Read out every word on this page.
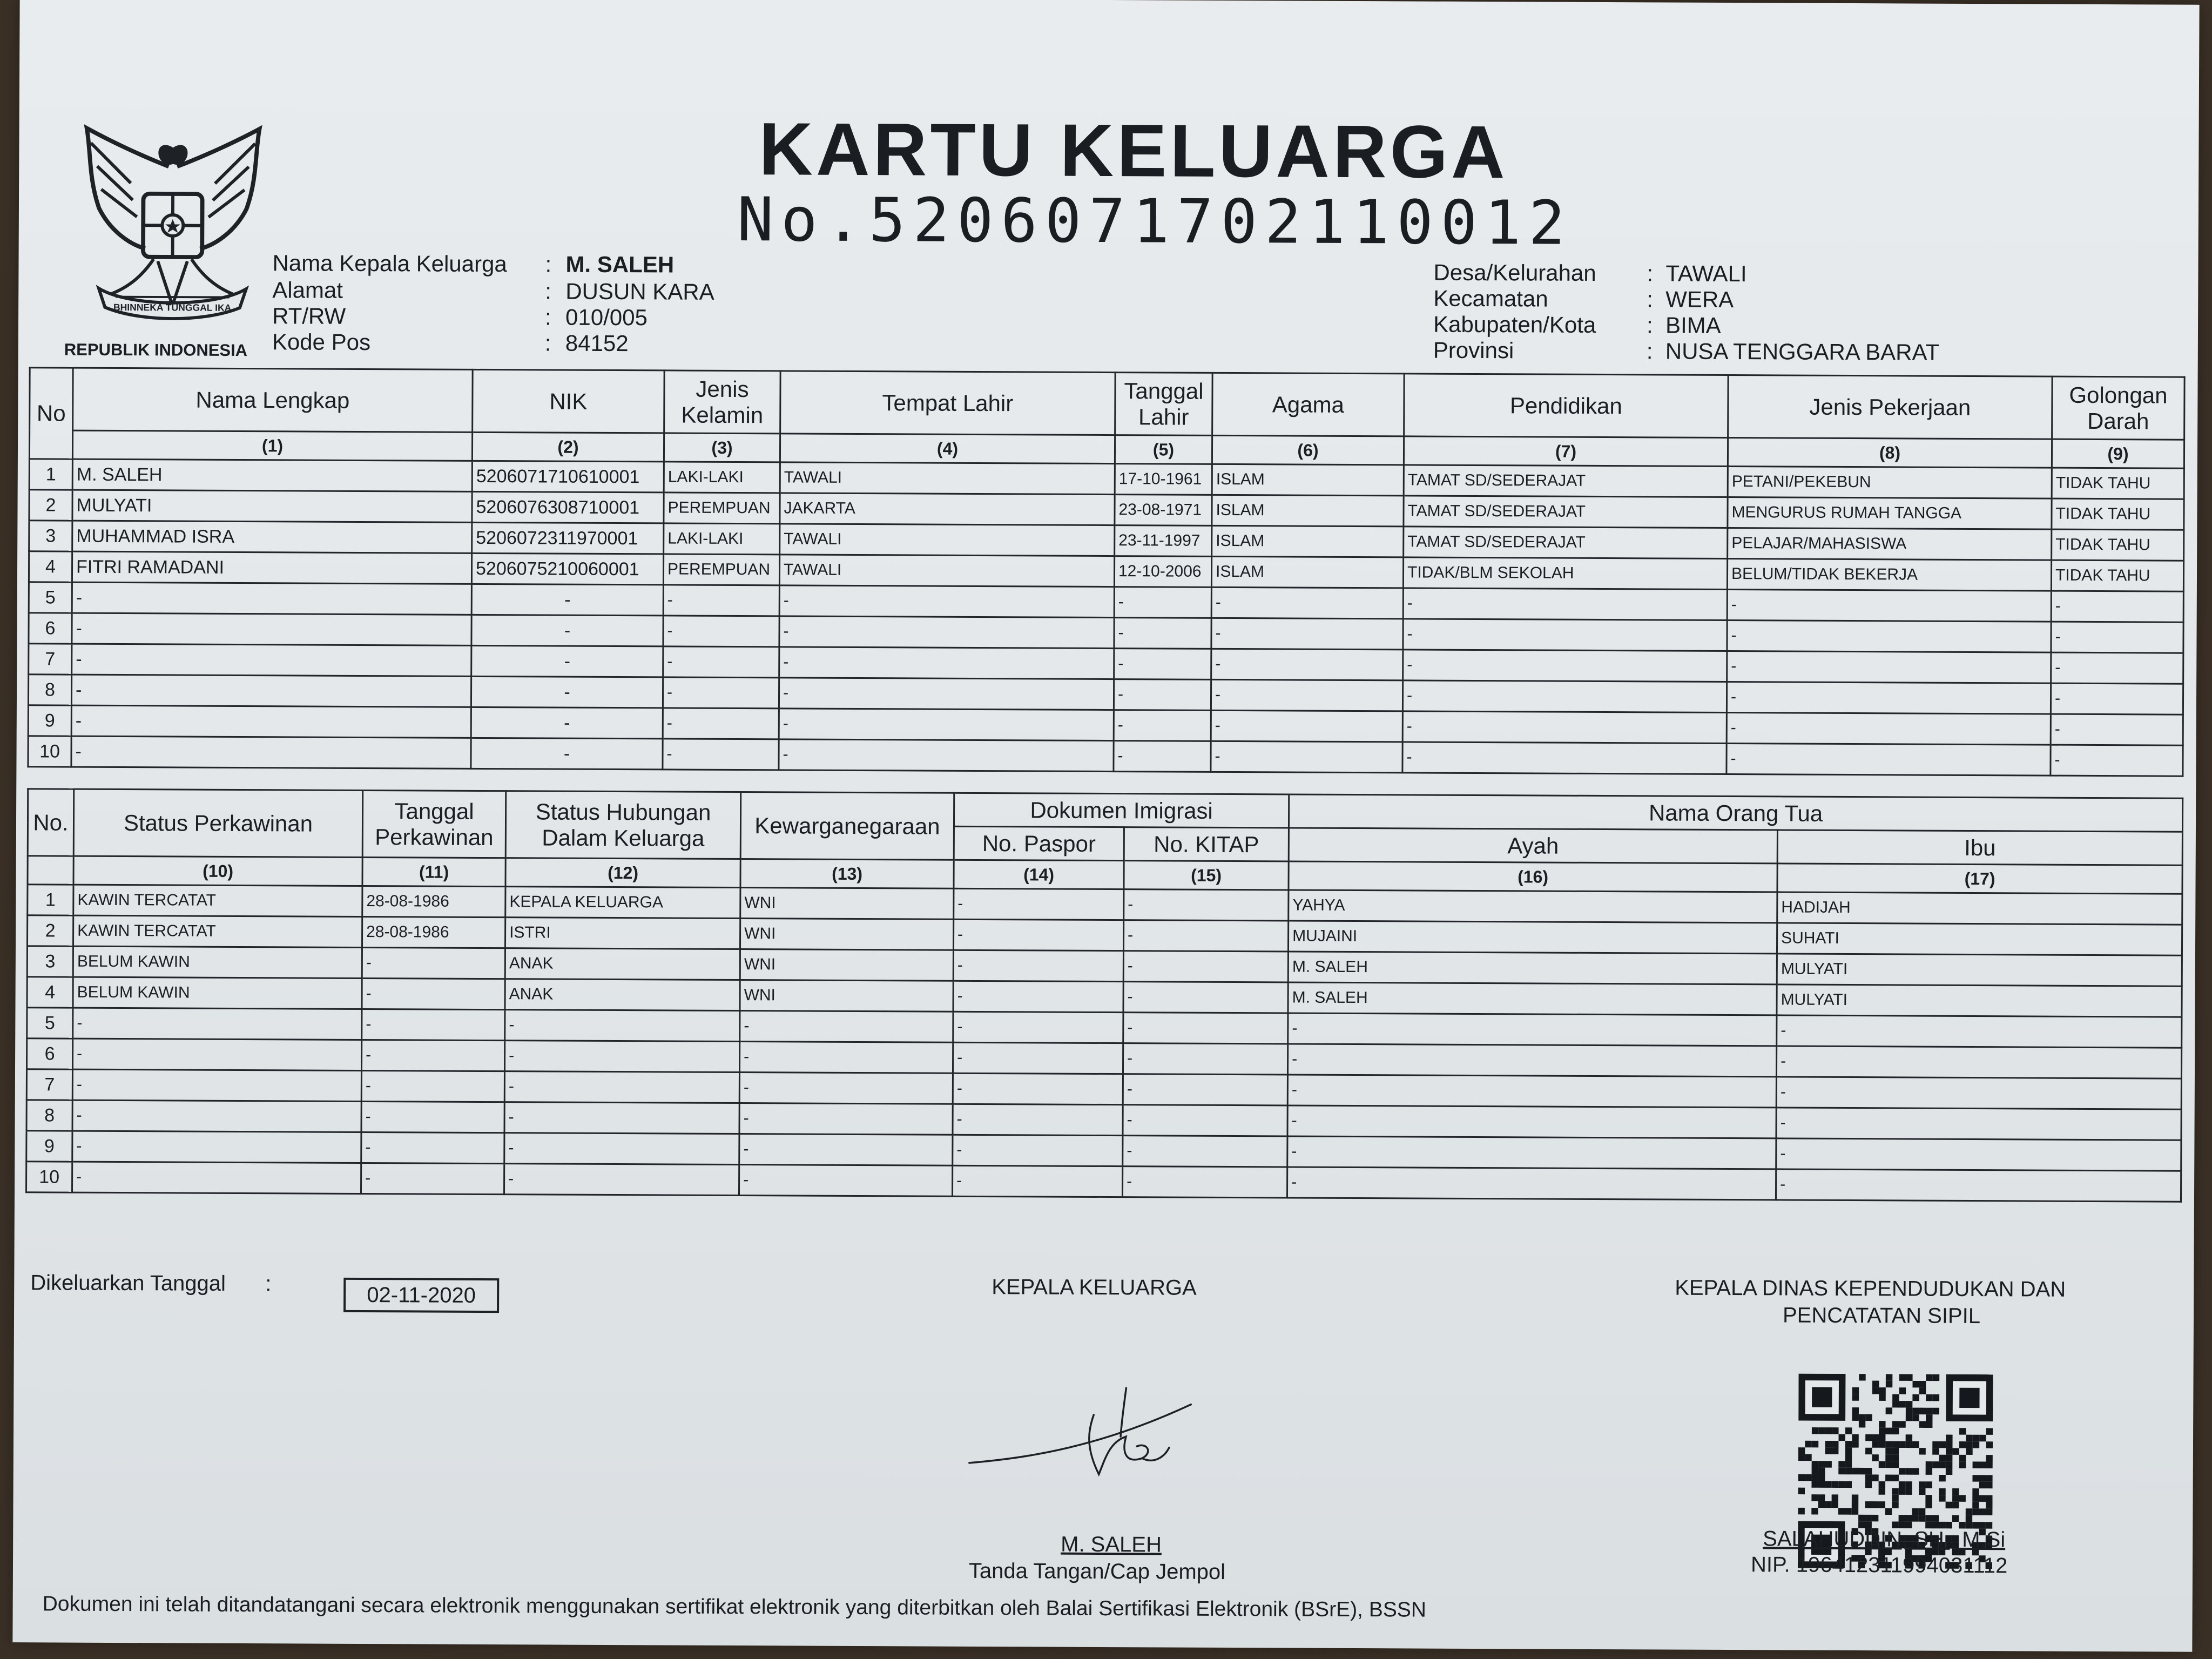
BHINNEKA TUNGGAL IKA
REPUBLIK INDONESIA
KARTU KELUARGA
No.5206071702110012
Nama Kepala Keluarga : M. SALEH
Alamat	: DUSUN KARA
RT/RW	: 010/005
Kode Pos	: 84152
Desa/Kelurahan : TAWALI
Kecamatan	: WERA
Kabupaten/Kota : BIMA
Provinsi	: NUSA TENGGARA BARAT
No	Nama Lengkap	NIK	Jenis Kelamin	Tempat Lahir	Tanggal Lahir	Agama	Pendidikan	Jenis Pekerjaan	Golongan Darah
	(1)	(2)	(3)	(4)	(5)	(6)	(7)	(8)	(9)
1	M. SALEH	5206071710610001	LAKI-LAKI	TAWALI	17-10-1961	ISLAM	TAMAT SD/SEDERAJAT	PETANI/PEKEBUN	TIDAK TAHU
2	MULYATI	5206076308710001	PEREMPUAN	JAKARTA	23-08-1971	ISLAM	TAMAT SD/SEDERAJAT	MENGURUS RUMAH TANGGA	TIDAK TAHU
3	MUHAMMAD ISRA	5206072311970001	LAKI-LAKI	TAWALI	23-11-1997	ISLAM	TAMAT SD/SEDERAJAT	PELAJAR/MAHASISWA	TIDAK TAHU
4	FITRI RAMADANI	5206075210060001	PEREMPUAN	TAWALI	12-10-2006	ISLAM	TIDAK/BLM SEKOLAH	BELUM/TIDAK BEKERJA	TIDAK TAHU
5	-	-	-	-	-	-	-	-	-
6	-	-	-	-	-	-	-	-	-
7	-	-	-	-	-	-	-	-	-
8	-	-	-	-	-	-	-	-	-
9	-	-	-	-	-	-	-	-	-
10	-	-	-	-	-	-	-	-	-
No.	Status Perkawinan	Tanggal Perkawinan	Status Hubungan Dalam Keluarga	Kewarganegaraan	Dokumen Imigrasi		Nama Orang Tua	
					No. Paspor	No. KITAP	Ayah	Ibu
	(10)	(11)	(12)	(13)	(14)	(15)	(16)	(17)
1	KAWIN TERCATAT	28-08-1986	KEPALA KELUARGA	WNI	-	-	YAHYA	HADIJAH
2	KAWIN TERCATAT	28-08-1986	ISTRI	WNI	-	-	MUJAINI	SUHATI
3	BELUM KAWIN	-	ANAK	WNI	-	-	M. SALEH	MULYATI
4	BELUM KAWIN	-	ANAK	WNI	-	-	M. SALEH	MULYATI
5	-	-	-	-	-	-	-	-
6	-	-	-	-	-	-	-	-
7	-	-	-	-	-	-	-	-
8	-	-	-	-	-	-	-	-
9	-	-	-	-	-	-	-	-
10	-	-	-	-	-	-	-	-
Dikeluarkan Tanggal :	02-11-2020	KEPALA KELUARGA
M. SALEH
Tanda Tangan/Cap Jempol
KEPALA DINAS KEPENDUDUKAN DAN
PENCATATAN SIPIL
SALAHUDDIN, SH., M.Si
NIP. 196412311994031112
Dokumen ini telah ditandatangani secara elektronik menggunakan sertifikat elektronik yang diterbitkan oleh Balai Sertifikasi Elektronik (BSrE), BSSN
